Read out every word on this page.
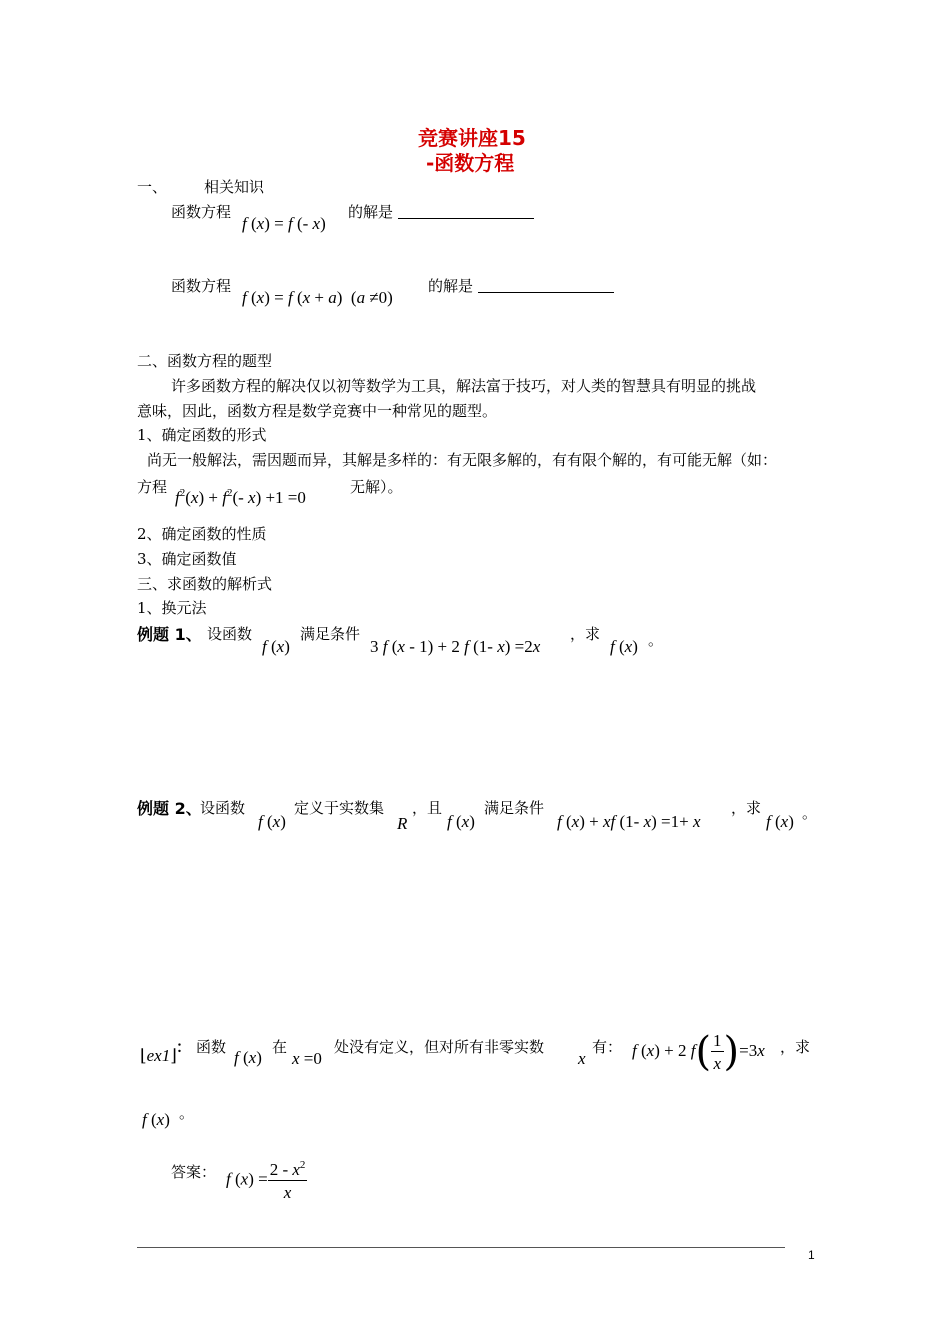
竞赛讲座15
-函数方程
一、 相关知识
函数方程
f (x) = f (- x)
的解是
函数方程
f (x) = f (x + a)  (a ≠0)
的解是
二、函数方程的题型
许多函数方程的解决仅以初等数学为工具，解法富于技巧，对人类的智慧具有明显的挑战
意味，因此，函数方程是数学竞赛中一种常见的题型。
1、确定函数的形式
尚无一般解法，需因题而异，其解是多样的：有无限多解的，有有限个解的，有可能无解（如：
方程
$f^2(x) + f^2(-$ x) +1 =0
无解）。
2、确定函数的性质
3、确定函数值
三、求函数的解析式
1、换元法
例题 1、 设函数
f (x)
满足条件
3 f (x - 1) + 2 f (1- x) =2x
，求
f (x) 。
例题 2、
设函数
f (x)
定义于实数集
R
，且
f (x)
满足条件
f (x) + xf (1- x) =1+ x
，求
f (x) 。
⌊ex1⌋ ： 函数
f (x)
在
x =0
处没有定义，但对所有非零实数
x
有： f (x) + 2 $f( \frac{1}{x} )=3x$ ，求
f (x) 。
答案： f $(x) = \frac{2 - x^2}{x}$
1
